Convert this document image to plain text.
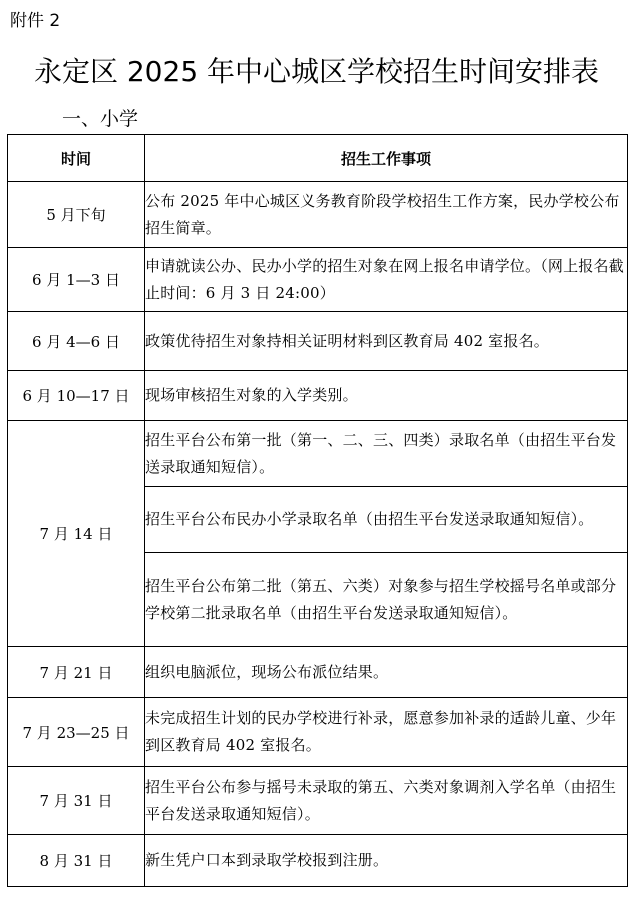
附件 2
永定区 2025 年中心城区学校招生时间安排表
一、小学
时间	招生工作事项
5 月下旬	公布 2025 年中心城区义务教育阶段学校招生工作方案，民办学校公布招生简章。
6 月 1—3 日	申请就读公办、民办小学的招生对象在网上报名申请学位。（网上报名截止时间：6 月 3 日 24:00）
6 月 4—6 日	政策优待招生对象持相关证明材料到区教育局 402 室报名。
6 月 10—17 日	现场审核招生对象的入学类别。
7 月 14 日	招生平台公布第一批（第一、二、三、四类）录取名单（由招生平台发送录取通知短信）。
	招生平台公布民办小学录取名单（由招生平台发送录取通知短信）。
	招生平台公布第二批（第五、六类）对象参与招生学校摇号名单或部分学校第二批录取名单（由招生平台发送录取通知短信）。
7 月 21 日	组织电脑派位，现场公布派位结果。
7 月 23—25 日	未完成招生计划的民办学校进行补录，愿意参加补录的适龄儿童、少年到区教育局 402 室报名。
7 月 31 日	招生平台公布参与摇号未录取的第五、六类对象调剂入学名单（由招生平台发送录取通知短信）。
8 月 31 日	新生凭户口本到录取学校报到注册。
